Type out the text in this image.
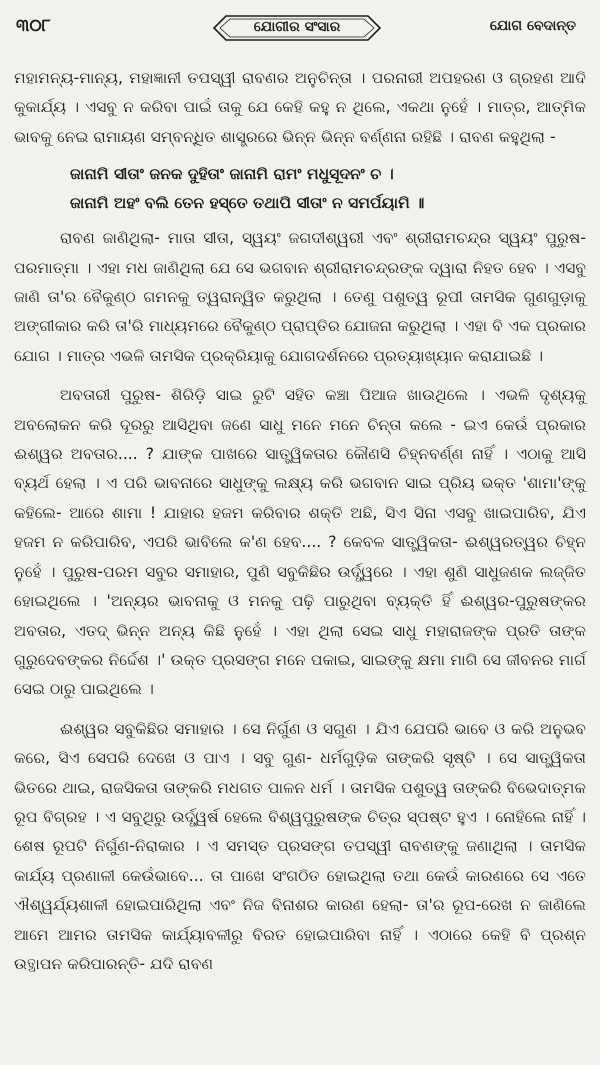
୩୦୮	ଯୋଗୀର ସଂସାର	ଯୋଗ ବେଦାନ୍ତ

ମହାମନ୍ୟ-ମାନ୍ୟ, ମହାଜ୍ଞାନୀ ତପସ୍ୱୀ ରାବଣର ଅନୁଚିନ୍ତା । ପରନାରୀ ଅପହରଣ ଓ ଗ୍ରହଣ ଆଦି କୁକାର୍ଯ୍ୟ । ଏସବୁ ନ କରିବା ପାଇଁ ତାକୁ ଯେ କେହି କହୁ ନ ଥିଲେ, ଏକଥା ନୁହେଁ । ମାତ୍ର, ଆତ୍ମିକ ଭାବକୁ ନେଇ ରାମାୟଣ ସମ୍ବନ୍ଧିତ ଶାସ୍ତ୍ରରେ ଭିନ୍ନ ଭିନ୍ନ ବର୍ଣ୍ଣନା ରହିଛି । ରାବଣ କହୁଥିଲା -

ଜାନାମି ସୀତାଂ ଜନକ ଦୁହିତାଂ ଜାନାମି ରାମଂ ମଧୁସୂଦନଂ ଚ ।

ଜାନାମି ଅହଂ ବଲି ତେନ ହସ୍ତେ ତଥାପି ସୀତାଂ ନ ସମର୍ପୟାମି ॥

ରାବଣ ଜାଣିଥିଲା- ମାତା ସୀତା, ସ୍ୱୟଂ ଜଗଦୀଶ୍ୱରୀ ଏବଂ ଶ୍ରୀରାମଚନ୍ଦ୍ର ସ୍ୱୟଂ ପୁରୁଷ-ପରମାତ୍ମା । ଏହା ମଧ ଜାଣିଥିଲା ଯେ ସେ ଭଗବାନ ଶ୍ରୀରାମଚନ୍ଦ୍ରଙ୍କ ଦ୍ୱାରା ନିହତ ହେବ । ଏସବୁ ଜାଣି ତା'ର ବୈକୁଣ୍ଠ ଗମନକୁ ତ୍ୱରାନ୍ୱିତ କରୁଥିଲା । ତେଣୁ ପଶୁତ୍ୱ ରୂପୀ ତାମସିକ ଗୁଣଗୁଡ଼ାକୁ ଅଙ୍ଗୀକାର କରି ତା'ରି ମାଧ୍ୟମରେ ବୈକୁଣ୍ଠ ପ୍ରାପ୍ତିର ଯୋଜନା କରୁଥିଲା । ଏହା ବି ଏକ ପ୍ରକାର ଯୋଗ । ମାତ୍ର ଏଭଳି ତାମସିକ ପ୍ରକ୍ରିୟାକୁ ଯୋଗଦର୍ଶନରେ ପ୍ରତ୍ୟାଖ୍ୟାନ କରାଯାଇଛି ।

ଅବତାରୀ ପୁରୁଷ- ଶିରିଡ଼ି ସାଇ ରୁଟି ସହିତ କଞ୍ଚା ପିଆଜ ଖାଉଥିଲେ । ଏଭଳି ଦୃଶ୍ୟକୁ ଅବଲୋକନ କରି ଦୂରରୁ ଆସିଥିବା ଜଣେ ସାଧୁ ମନେ ମନେ ଚିନ୍ତା କଲେ - ଇଏ କେଉଁ ପ୍ରକାର ଈଶ୍ୱର ଅବତାର.... ? ଯାଙ୍କ ପାଖରେ ସାତ୍ତ୍ୱିକତାର କୌଣସି ଚିହ୍ନବର୍ଣ୍ଣ ନାହିଁ । ଏଠାକୁ ଆସି ବ୍ୟର୍ଥ ହେଲା । ଏ ପରି ଭାବନାରେ ସାଧୁଙ୍କୁ ଲକ୍ଷ୍ୟ କରି ଭଗବାନ ସାଇ ପ୍ରିୟ ଭକ୍ତ 'ଶାମା'ଙ୍କୁ କହିଲେ- ଆରେ ଶାମା ! ଯାହାର ହଜମ କରିବାର ଶକ୍ତି ଅଛି, ସିଏ ସିନା ଏସବୁ ଖାଇପାରିବ, ଯିଏ ହଜମ ନ କରିପାରିବ, ଏପରି ଭାବିଲେ କ'ଣ ହେବ.... ? କେବଳ ସାତ୍ତ୍ୱିକତା- ଈଶ୍ୱରତ୍ୱର ଚିହ୍ନ ନୁହେଁ । ପୁରୁଷ-ପରମ ସବୁର ସମାହାର, ପୁଣି ସବୁକିଛିର ଉର୍ଦ୍ଧ୍ୱରେ । ଏହା ଶୁଣି ସାଧୁଜଣକ ଲଜ୍ଜିତ ହୋଇଥିଲେ । 'ଅନ୍ୟର ଭାବନାକୁ ଓ ମନକୁ ପଢ଼ି ପାରୁଥିବା ବ୍ୟକ୍ତି ହିଁ ଈଶ୍ୱର-ପୁରୁଷଙ୍କର ଅବତାର, ଏତଦ୍ ଭିନ୍ନ ଅନ୍ୟ କିଛି ନୁହେଁ । ଏହା ଥିଲା ସେଇ ସାଧୁ ମହାରାଜଙ୍କ ପ୍ରତି ତାଙ୍କ ଗୁରୁଦେବଙ୍କର ନିର୍ଦ୍ଦେଶ ।' ଉକ୍ତ ପ୍ରସଙ୍ଗ ମନେ ପକାଇ, ସାଇଙ୍କୁ କ୍ଷମା ମାଗି ସେ ଜୀବନର ମାର୍ଗ ସେଇ ଠାରୁ ପାଇଥିଲେ ।

ଈଶ୍ୱର ସବୁକିଛିର ସମାହାର । ସେ ନିର୍ଗୁଣ ଓ ସଗୁଣ । ଯିଏ ଯେପରି ଭାବେ ଓ କରି ଅନୁଭବ କରେ, ସିଏ ସେପରି ଦେଖେ ଓ ପାଏ । ସବୁ ଗୁଣ- ଧର୍ମଗୁଡ଼ିକ ତାଙ୍କରି ସୃଷ୍ଟି । ସେ ସାତ୍ତ୍ୱିକତା ଭିତରେ ଥାଇ, ରାଜସିକତା ତାଙ୍କରି ମଧଗତ ପାଳନ ଧର୍ମ । ତାମସିକ ପଶୁତ୍ୱ ତାଙ୍କରି ବିଭେଦାତ୍ମକ ରୂପ ବିଗ୍ରହ । ଏ ସବୁଥିରୁ ଉର୍ଦ୍ଧ୍ୱର୍ଷ ହେଲେ ବିଶ୍ୱପୁରୁଷଙ୍କ ଚିତ୍ର ସ୍ପଷ୍ଟ ହୁଏ । ନୋହିଲେ ନାହିଁ । ଶେଷ ରୂପଟି ନିର୍ଗୁଣ-ନିରାକାର । ଏ ସମସ୍ତ ପ୍ରସଙ୍ଗ ତପସ୍ୱୀ ରାବଣଙ୍କୁ ଜଣାଥିଲା । ତାମସିକ କାର୍ଯ୍ୟ ପ୍ରଣାଳୀ କେଉଁଭାବେ... ତା ପାଖେ ସଂଗଠିତ ହୋଇଥିଲା ତଥା କେଉଁ କାରଣରେ ସେ ଏତେ ଐଶ୍ୱର୍ଯ୍ୟଶାଳୀ ହୋଇପାରିଥିଲା ଏବଂ ନିଜ ବିନାଶର କାରଣ ହେଲା- ତା'ର ରୂପ-ରେଖ ନ ଜାଣିଲେ ଆମେ ଆମର ତାମସିକ କାର୍ଯ୍ୟାବଳୀରୁ ବିରତ ହୋଇପାରିବା ନାହିଁ । ଏଠାରେ କେହି ବି ପ୍ରଶ୍ନ ଉତ୍ଥାପନ କରିପାରନ୍ତି- ଯଦି ରାବଣ
